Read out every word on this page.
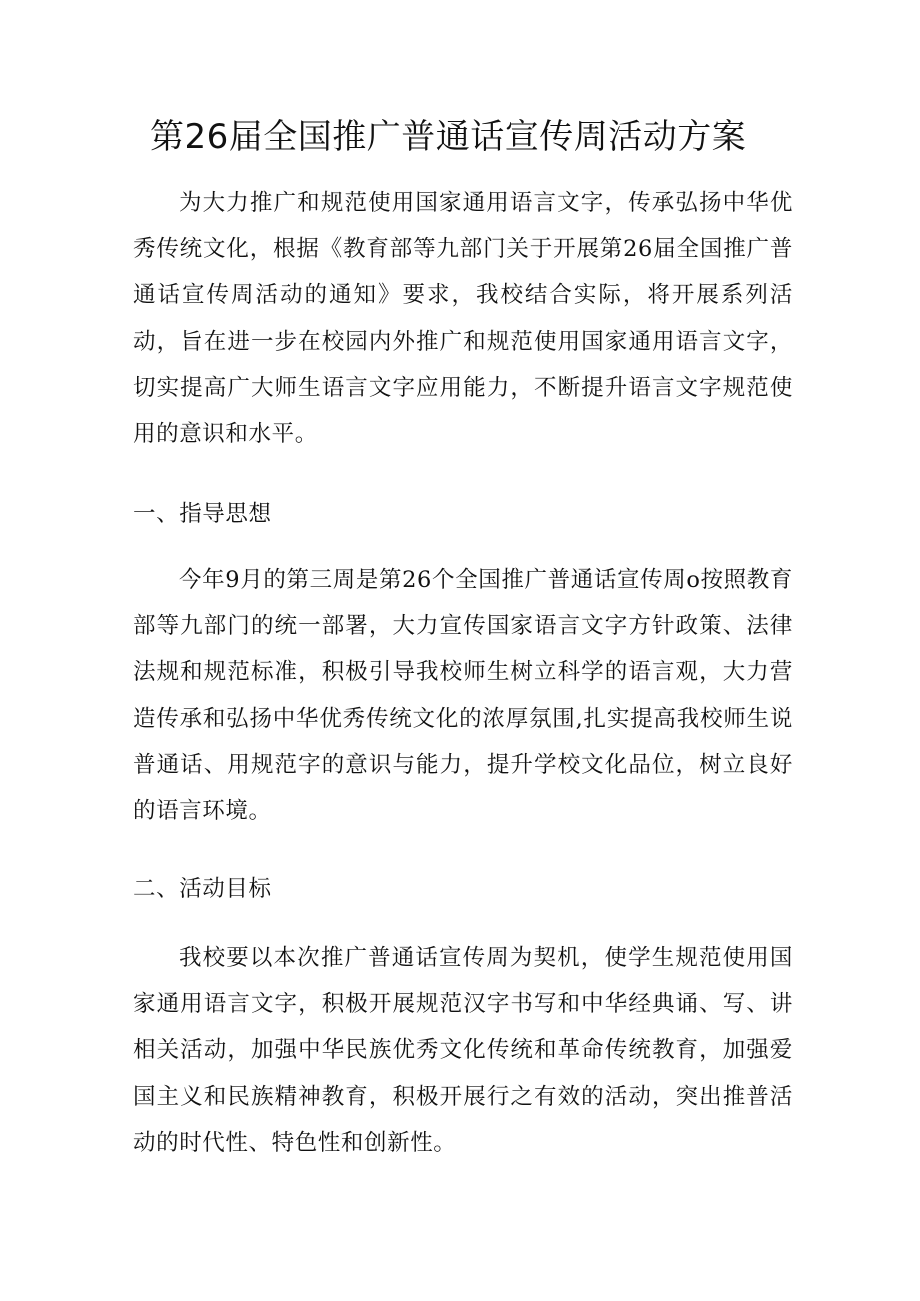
第26届全国推广普通话宣传周活动方案

为大力推广和规范使用国家通用语言文字，传承弘扬中华优秀传统文化，根据《教育部等九部门关于开展第26届全国推广普通话宣传周活动的通知》要求，我校结合实际，将开展系列活动，旨在进一步在校园内外推广和规范使用国家通用语言文字，切实提高广大师生语言文字应用能力，不断提升语言文字规范使用的意识和水平。

一、指导思想

今年9月的第三周是第26个全国推广普通话宣传周o按照教育部等九部门的统一部署，大力宣传国家语言文字方针政策、法律法规和规范标准，积极引导我校师生树立科学的语言观，大力营造传承和弘扬中华优秀传统文化的浓厚氛围,扎实提高我校师生说普通话、用规范字的意识与能力，提升学校文化品位，树立良好的语言环境。

二、活动目标

我校要以本次推广普通话宣传周为契机，使学生规范使用国家通用语言文字，积极开展规范汉字书写和中华经典诵、写、讲相关活动，加强中华民族优秀文化传统和革命传统教育，加强爱国主义和民族精神教育，积极开展行之有效的活动，突出推普活动的时代性、特色性和创新性。
